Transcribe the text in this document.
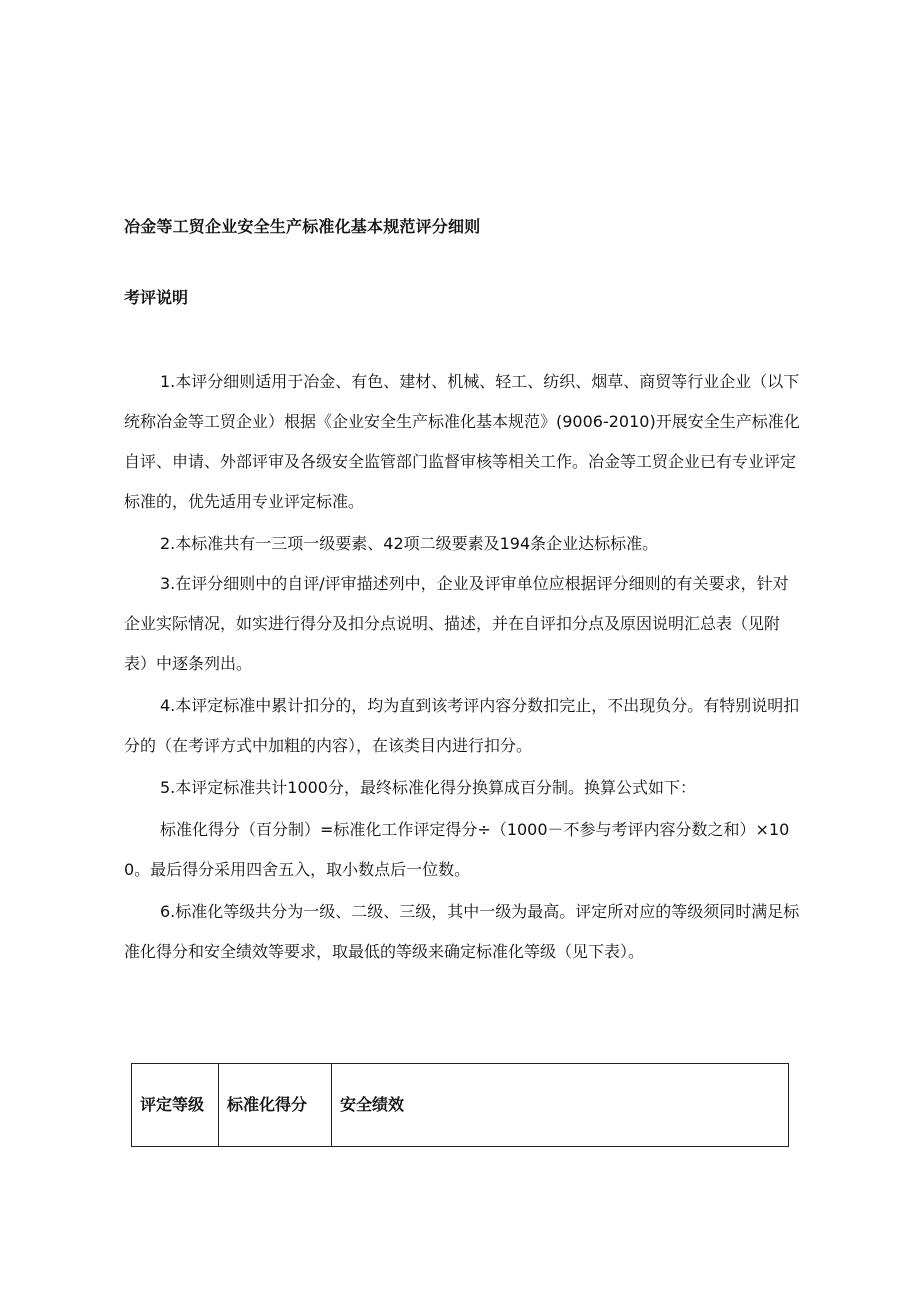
冶金等工贸企业安全生产标准化基本规范评分细则
考评说明

1.本评分细则适用于冶金、有色、建材、机械、轻工、纺织、烟草、商贸等行业企业（以下统称冶金等工贸企业）根据《企业安全生产标准化基本规范》(9006-2010)开展安全生产标准化自评、申请、外部评审及各级安全监管部门监督审核等相关工作。冶金等工贸企业已有专业评定标准的，优先适用专业评定标准。

2.本标准共有一三项一级要素、42项二级要素及194条企业达标标准。

3.在评分细则中的自评/评审描述列中，企业及评审单位应根据评分细则的有关要求，针对企业实际情况，如实进行得分及扣分点说明、描述，并在自评扣分点及原因说明汇总表（见附表）中逐条列出。

4.本评定标准中累计扣分的，均为直到该考评内容分数扣完止，不出现负分。有特别说明扣分的（在考评方式中加粗的内容），在该类目内进行扣分。

5.本评定标准共计1000分，最终标准化得分换算成百分制。换算公式如下：

标准化得分（百分制）=标准化工作评定得分÷（1000－不参与考评内容分数之和）×100。最后得分采用四舍五入，取小数点后一位数。

6.标准化等级共分为一级、二级、三级，其中一级为最高。评定所对应的等级须同时满足标准化得分和安全绩效等要求，取最低的等级来确定标准化等级（见下表）。

评定等级	标准化得分	安全绩效
